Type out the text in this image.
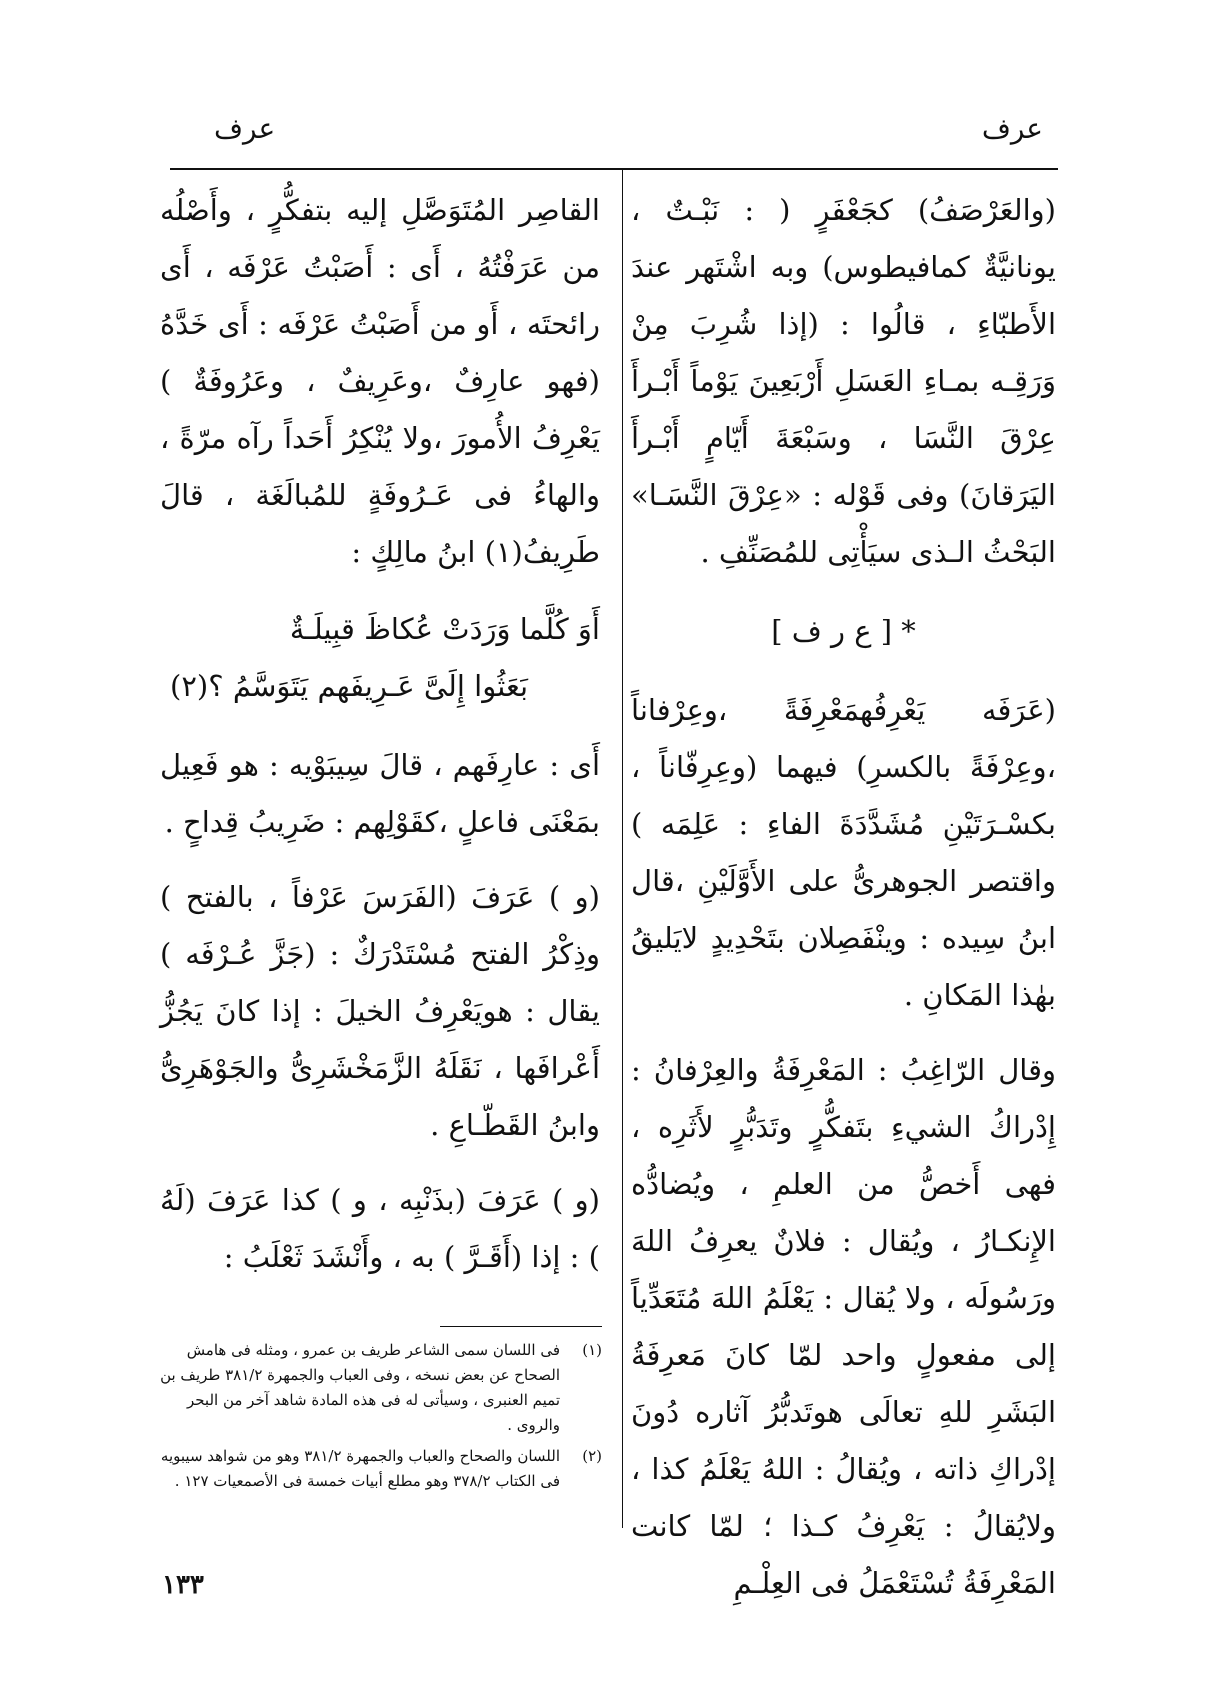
عرف
عرف

(والعَرْصَفُ) كجَعْفَرٍ ( : نَبْـتٌ ، يونانيَّةٌ كمافيطوس) وبه اشْتَهر عندَ الأَطبّاءِ ، قالُوا : (إذا شُرِبَ مِنْ وَرَقِـه بمـاءِ العَسَلِ أَرْبَعِينَ يَوْماً أَبْـرأَ عِرْقَ النَّسَا ، وسَبْعَةَ أَيّامٍ أَبْـرأَ اليَرَقانَ) وفى قَوْله : «عِرْقَ النَّسَـا» البَحْثُ الـذى سيَأْتِى للمُصَنِّفِ .

* [ ع ر ف ]

(عَرَفَه يَعْرِفُهمَعْرِفَةً ،وعِرْفاناً ،وعِرْفَةً بالكسرِ) فيهما (وعِرِفّاناً ، بكسْـرَتَيْنِ مُشَدَّدَةَ الفاءِ : عَلِمَه ) واقتصر الجوهرىُّ على الأَوَّلَيْنِ ،قال ابنُ سِيده : وينْفَصِلان بتَحْدِيدٍ لايَليقُ بهٰذا المَكانِ .

وقال الرّاغِبُ : المَعْرِفَةُ والعِرْفانُ : إِدْراكُ الشيءِ بتَفكُّرٍ وتَدَبُّرٍ لأَثَرِه ، فهى أَخصُّ من العلمِ ، ويُضادُّه الإِنكـارُ ، ويُقال : فلانٌ يعرِفُ اللهَ ورَسُولَه ، ولا يُقال : يَعْلَمُ اللهَ مُتَعَدِّياً إلى مفعولٍ واحد لمّا كانَ مَعرِفَةُ البَشَرِ للهِ تعالَى هوتَدبُّرُ آثاره دُونَ إدْراكِ ذاته ، ويُقالُ : اللهُ يَعْلَمُ كذا ، ولايُقالُ : يَعْرِفُ كـذا ؛ لمّا كانت المَعْرِفَةُ تُسْتَعْمَلُ فى العِلْـمِ

القاصِر المُتَوَصَّلِ إليه بتفكُّرٍ ، وأَصْلُه من عَرَفْتُهُ ، أَى : أَصَبْتُ عَرْفَه ، أَى رائحتَه ، أَو من أَصَبْتُ عَرْفَه : أَى خَدَّهُ (فهو عارِفٌ ،وعَرِيفٌ ، وعَرُوفَةٌ ) يَعْرِفُ الأُمورَ ،ولا يُنْكِرُ أَحَداً رآه مرّةً ، والهاءُ فى عَـرُوفَةٍ للمُبالَغَة ، قالَ طَرِيفُ(١) ابنُ مالِكٍ :

أَوَ كُلَّما وَرَدَتْ عُكاظَ قبِيلَـةٌ
بَعَثُوا إِلَىَّ عَـرِيفَهم يَتَوَسَّمُ ؟(٢)

أَى : عارِفَهم ، قالَ سِيبَوْيه : هو فَعِيل بمَعْنَى فاعلٍ ،كقَوْلِهم : ضَرِيبُ قِداحٍ .

(و ) عَرَفَ (الفَرَسَ عَرْفاً ، بالفتح ) وذِكْرُ الفتح مُسْتَدْرَكٌ : (جَزَّ عُـرْفَه ) يقال : هويَعْرِفُ الخيلَ : إذا كانَ يَجُزُّ أَعْرافَها ، نَقَلَهُ الزَّمَخْشَرِىُّ والجَوْهَرِىُّ وابنُ القَطّـاعِ .

(و ) عَرَفَ (بذَنْبِه ، و ) كذا عَرَفَ (لَهُ ) : إذا (أَقَـرَّ ) به ، وأَنْشَدَ ثَعْلَبُ :

(١)
فى اللسان سمى الشاعر طريف بن عمرو ، ومثله فى هامش الصحاح عن بعض نسخه ، وفى العباب والجمهرة ٣٨١/٢ طريف بن تميم العنبرى ، وسيأتى له فى هذه المادة شاهد آخر من البحر والروى .
(٢)
اللسان والصحاح والعباب والجمهرة ٣٨١/٢ وهو من شواهد سيبويه فى الكتاب ٣٧٨/٢ وهو مطلع أبيات خمسة فى الأصمعيات ١٢٧ .
١٣٣
